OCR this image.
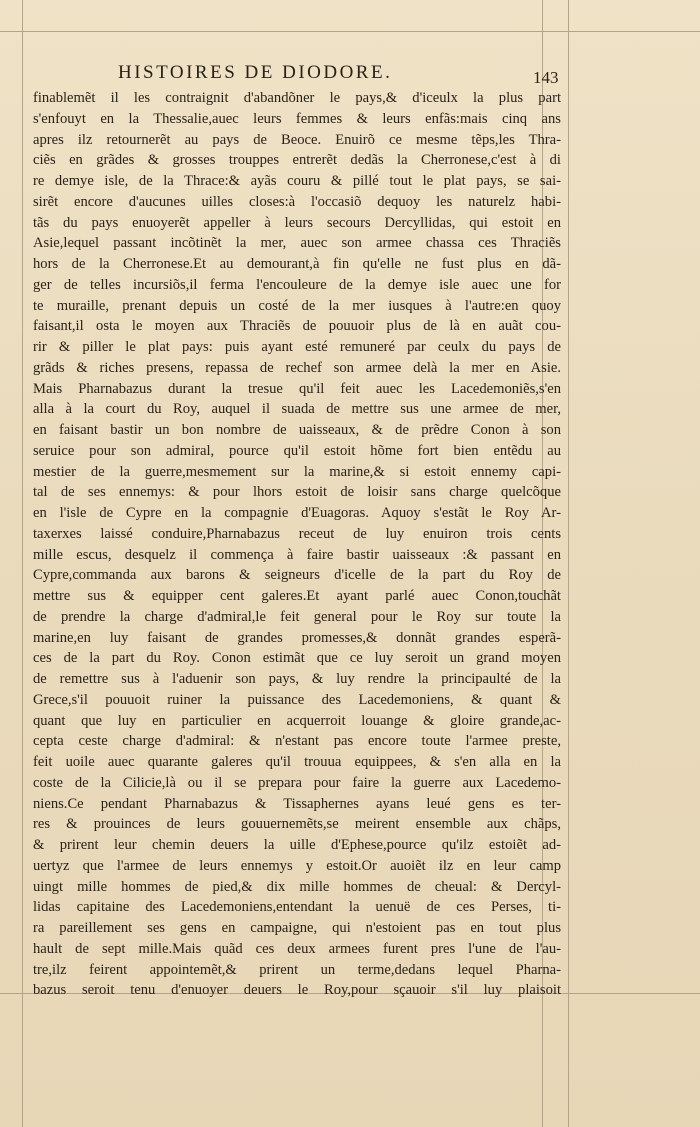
HISTOIRES DE DIODORE.	143
finablemẽt il les contraignit d'abandõner le pays,& d'iceulx la plus part
s'enfouyt en la Thessalie,auec leurs femmes & leurs enfãs:mais cinq ans
apres ilz retournerẽt au pays de Beoce. Enuirõ ce mesme tẽps,les Thra-
ciẽs en grãdes & grosses trouppes entrerẽt dedãs la Cherronese,c'est à di
re demye isle, de la Thrace:& ayãs couru & pillé tout le plat pays, se sai-
sirẽt encore d'aucunes uilles closes:à l'occasiõ dequoy les naturelz habi-
tãs du pays enuoyerẽt appeller à leurs secours Dercyllidas, qui estoit en
Asie,lequel passant incõtinẽt la mer, auec son armee chassa ces Thraciẽs
hors de la Cherronese.Et au demourant,à fin qu'elle ne fust plus en dã-
ger de telles incursiõs,il ferma l'encouleure de la demye isle auec une for
te muraille, prenant depuis un costé de la mer iusques à l'autre:en quoy
faisant,il osta le moyen aux Thraciẽs de pouuoir plus de là en auãt cou-
rir & piller le plat pays: puis ayant esté remuneré par ceulx du pays de
grãds & riches presens, repassa de rechef son armee delà la mer en Asie.
Mais Pharnabazus durant la tresue qu'il feit auec les Lacedemoniẽs,s'en
alla à la court du Roy, auquel il suada de mettre sus une armee de mer,
en faisant bastir un bon nombre de uaisseaux, & de prẽdre Conon à son
seruice pour son admiral, pource qu'il estoit hõme fort bien entẽdu au
mestier de la guerre,mesmement sur la marine,& si estoit ennemy capi-
tal de ses ennemys: & pour lhors estoit de loisir sans charge quelcõque
en l'isle de Cypre en la compagnie d'Euagoras. Aquoy s'estãt le Roy Ar-
taxerxes laissé conduire,Pharnabazus receut de luy enuiron trois cents
mille escus, desquelz il commença à faire bastir uaisseaux :& passant en
Cypre,commanda aux barons & seigneurs d'icelle de la part du Roy de
mettre sus & equipper cent galeres.Et ayant parlé auec Conon,touchãt
de prendre la charge d'admiral,le feit general pour le Roy sur toute la
marine,en luy faisant de grandes promesses,& donnãt grandes esperã-
ces de la part du Roy. Conon estimãt que ce luy seroit un grand moyen
de remettre sus à l'aduenir son pays, & luy rendre la principaulté de la
Grece,s'il pouuoit ruiner la puissance des Lacedemoniens, & quant &
quant que luy en particulier en acquerroit louange & gloire grande,ac-
cepta ceste charge d'admiral: & n'estant pas encore toute l'armee preste,
feit uoile auec quarante galeres qu'il trouua equippees, & s'en alla en la
coste de la Cilicie,là ou il se prepara pour faire la guerre aux Lacedemo-
niens.Ce pendant Pharnabazus & Tissaphernes ayans leué gens es ter-
res & prouinces de leurs gouuernemẽts,se meirent ensemble aux chãps,
& prirent leur chemin deuers la uille d'Ephese,pource qu'ilz estoiẽt ad-
uertyz que l'armee de leurs ennemys y estoit.Or auoiẽt ilz en leur camp
uingt mille hommes de pied,& dix mille hommes de cheual: & Dercyl-
lidas capitaine des Lacedemoniens,entendant la uenuë de ces Perses, ti-
ra pareillement ses gens en campaigne, qui n'estoient pas en tout plus
hault de sept mille.Mais quãd ces deux armees furent pres l'une de l'au-
tre,ilz feirent appointemẽt,& prirent un terme,dedans lequel Pharna-
bazus seroit tenu d'enuoyer deuers le Roy,pour sçauoir s'il luy plaisoit
